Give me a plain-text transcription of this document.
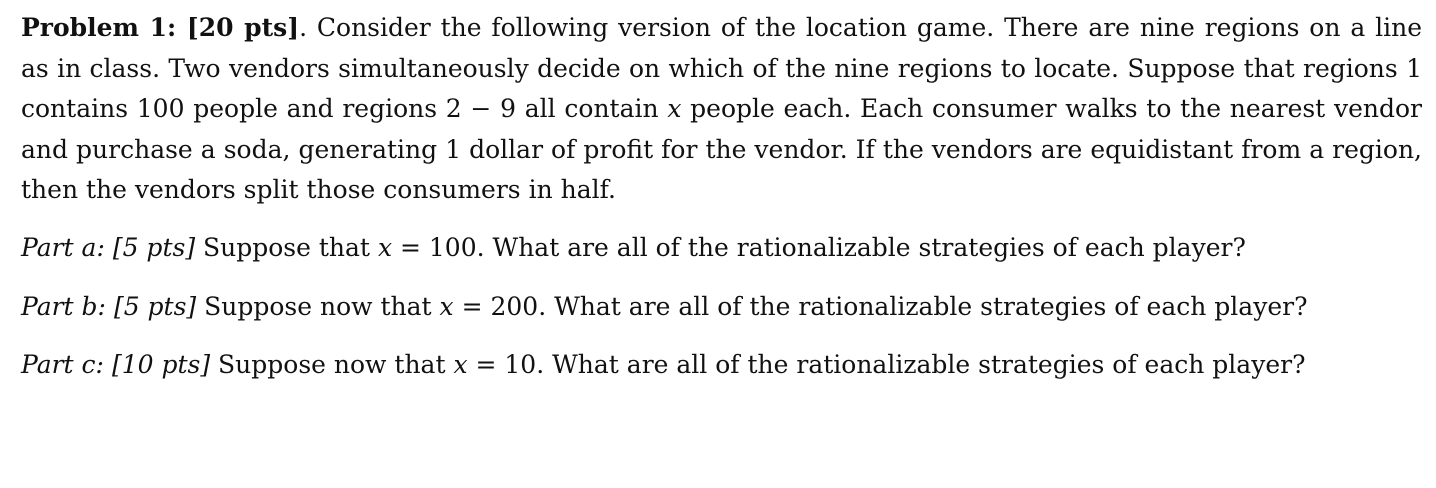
Problem 1: [20 pts]. Consider the following version of the location game. There are nine regions on a line as in class. Two vendors simultaneously decide on which of the nine regions to locate. Suppose that regions 1 contains 100 people and regions 2 − 9 all contain x people each. Each consumer walks to the nearest vendor and purchase a soda, generating 1 dollar of profit for the vendor. If the vendors are equidistant from a region, then the vendors split those consumers in half.

Part a: [5 pts] Suppose that x = 100. What are all of the rationalizable strategies of each player?

Part b: [5 pts] Suppose now that x = 200. What are all of the rationalizable strategies of each player?

Part c: [10 pts] Suppose now that x = 10. What are all of the rationalizable strategies of each player?
